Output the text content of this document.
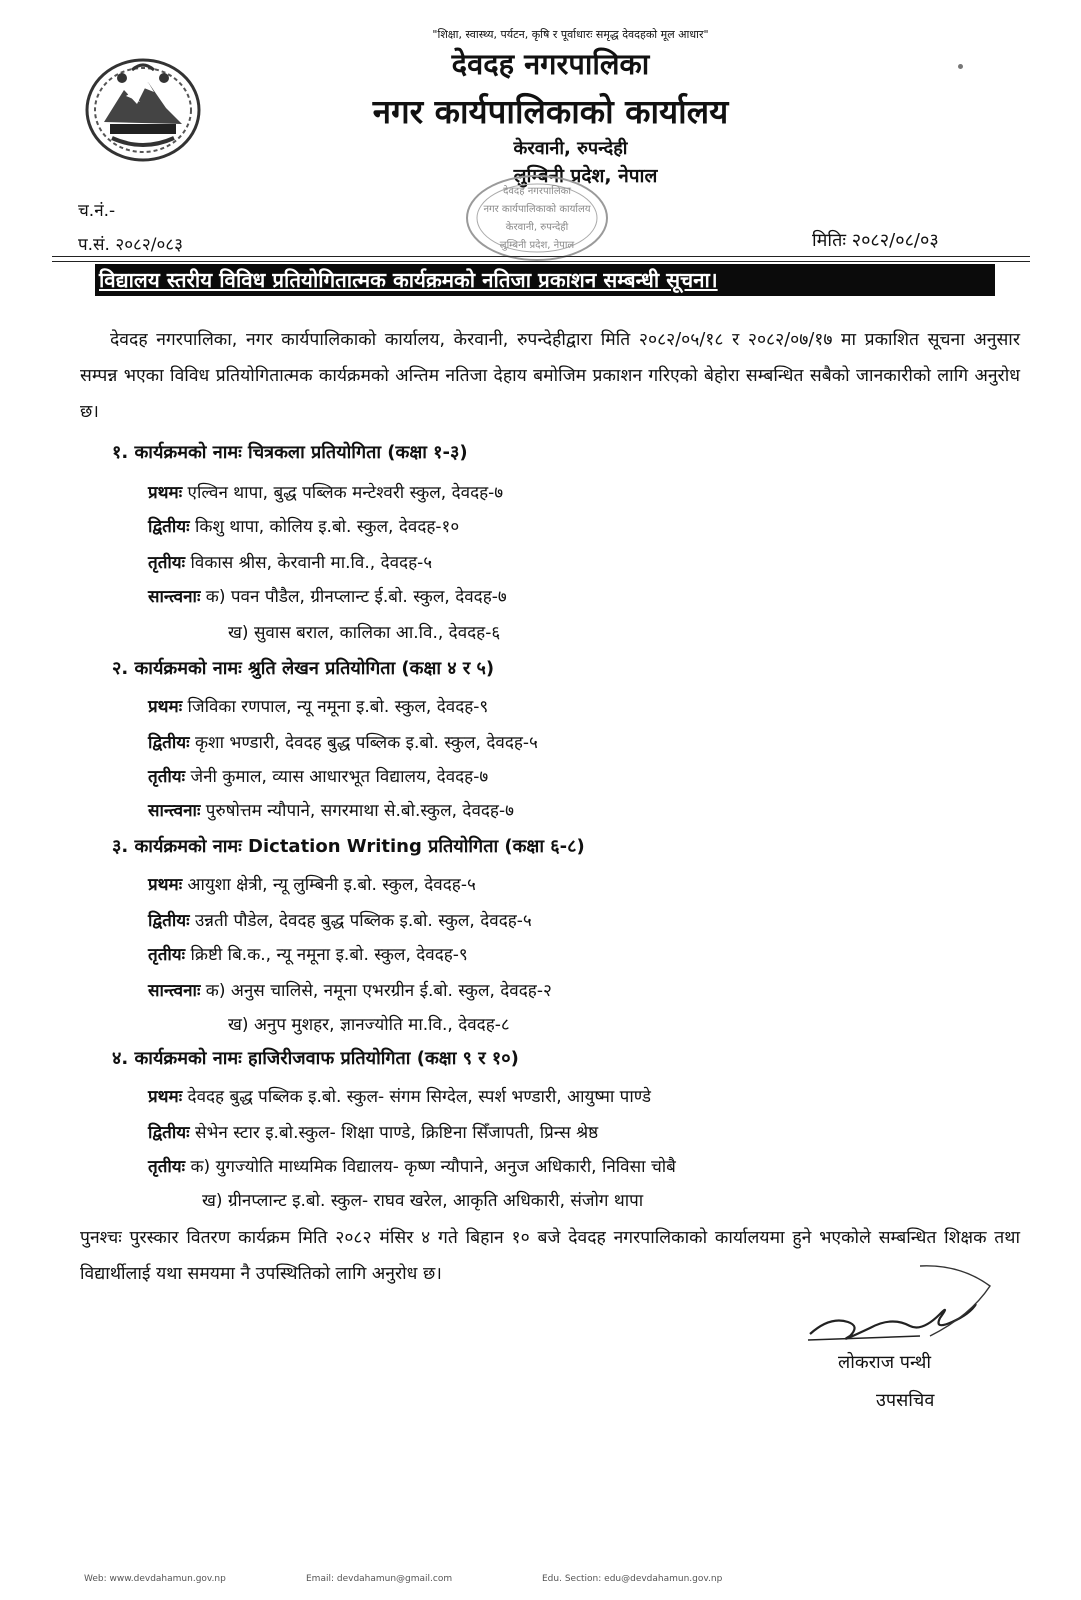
"शिक्षा, स्वास्थ्य, पर्यटन, कृषि र पूर्वाधारः समृद्ध देवदहको मूल आधार"
देवदह नगरपालिका
नगर कार्यपालिकाको कार्यालय
केरवानी, रुपन्देही
लुम्बिनी प्रदेश, नेपाल
देवदह नगरपालिका
नगर कार्यपालिकाको कार्यालय
केरवानी, रुपन्देही
लुम्बिनी प्रदेश, नेपाल
च.नं.-
प.सं. २०८२/०८३	मितिः २०८२/०८/०३
विद्यालय स्तरीय विविध प्रतियोगितात्मक कार्यक्रमको नतिजा प्रकाशन सम्बन्धी सूचना।
देवदह नगरपालिका, नगर कार्यपालिकाको कार्यालय, केरवानी, रुपन्देहीद्वारा मिति २०८२/०५/१८ र २०८२/०७/१७ मा प्रकाशित सूचना अनुसार सम्पन्न भएका विविध प्रतियोगितात्मक कार्यक्रमको अन्तिम नतिजा देहाय बमोजिम प्रकाशन गरिएको बेहोरा सम्बन्धित सबैको जानकारीको लागि अनुरोध छ।
१. कार्यक्रमको नामः चित्रकला प्रतियोगिता (कक्षा १-३)
प्रथमः एल्विन थापा, बुद्ध पब्लिक मन्टेश्वरी स्कुल, देवदह-७
द्वितीयः किशु थापा, कोलिय इ.बो. स्कुल, देवदह-१०
तृतीयः विकास श्रीस, केरवानी मा.वि., देवदह-५
सान्त्वनाः क) पवन पौडैल, ग्रीनप्लान्ट ई.बो. स्कुल, देवदह-७
ख) सुवास बराल, कालिका आ.वि., देवदह-६
२. कार्यक्रमको नामः श्रुति लेखन प्रतियोगिता (कक्षा ४ र ५)
प्रथमः जिविका रणपाल, न्यू नमूना इ.बो. स्कुल, देवदह-९
द्वितीयः कृशा भण्डारी, देवदह बुद्ध पब्लिक इ.बो. स्कुल, देवदह-५
तृतीयः जेनी कुमाल, व्यास आधारभूत विद्यालय, देवदह-७
सान्त्वनाः पुरुषोत्तम न्यौपाने, सगरमाथा से.बो.स्कुल, देवदह-७
३. कार्यक्रमको नामः Dictation Writing प्रतियोगिता (कक्षा ६-८)
प्रथमः आयुशा क्षेत्री, न्यू लुम्बिनी इ.बो. स्कुल, देवदह-५
द्वितीयः उन्नती पौडेल, देवदह बुद्ध पब्लिक इ.बो. स्कुल, देवदह-५
तृतीयः क्रिष्टी बि.क., न्यू नमूना इ.बो. स्कुल, देवदह-९
सान्त्वनाः क) अनुस चालिसे, नमूना एभरग्रीन ई.बो. स्कुल, देवदह-२
ख) अनुप मुशहर, ज्ञानज्योति मा.वि., देवदह-८
४. कार्यक्रमको नामः हाजिरीजवाफ प्रतियोगिता (कक्षा ९ र १०)
प्रथमः देवदह बुद्ध पब्लिक इ.बो. स्कुल- संगम सिग्देल, स्पर्श भण्डारी, आयुष्मा पाण्डे
द्वितीयः सेभेन स्टार इ.बो.स्कुल- शिक्षा पाण्डे, क्रिष्टिना सिँजापती, प्रिन्स श्रेष्ठ
तृतीयः क) युगज्योति माध्यमिक विद्यालय- कृष्ण न्यौपाने, अनुज अधिकारी, निविसा चोबै
ख) ग्रीनप्लान्ट इ.बो. स्कुल- राघव खरेल, आकृति अधिकारी, संजोग थापा
पुनश्चः पुरस्कार वितरण कार्यक्रम मिति २०८२ मंसिर ४ गते बिहान १० बजे देवदह नगरपालिकाको कार्यालयमा हुने भएकोले सम्बन्धित शिक्षक तथा विद्यार्थीलाई यथा समयमा नै उपस्थितिको लागि अनुरोध छ।
लोकराज पन्थी
उपसचिव
Web: www.devdahamun.gov.np	Email: devdahamun@gmail.com	Edu. Section: edu@devdahamun.gov.np
